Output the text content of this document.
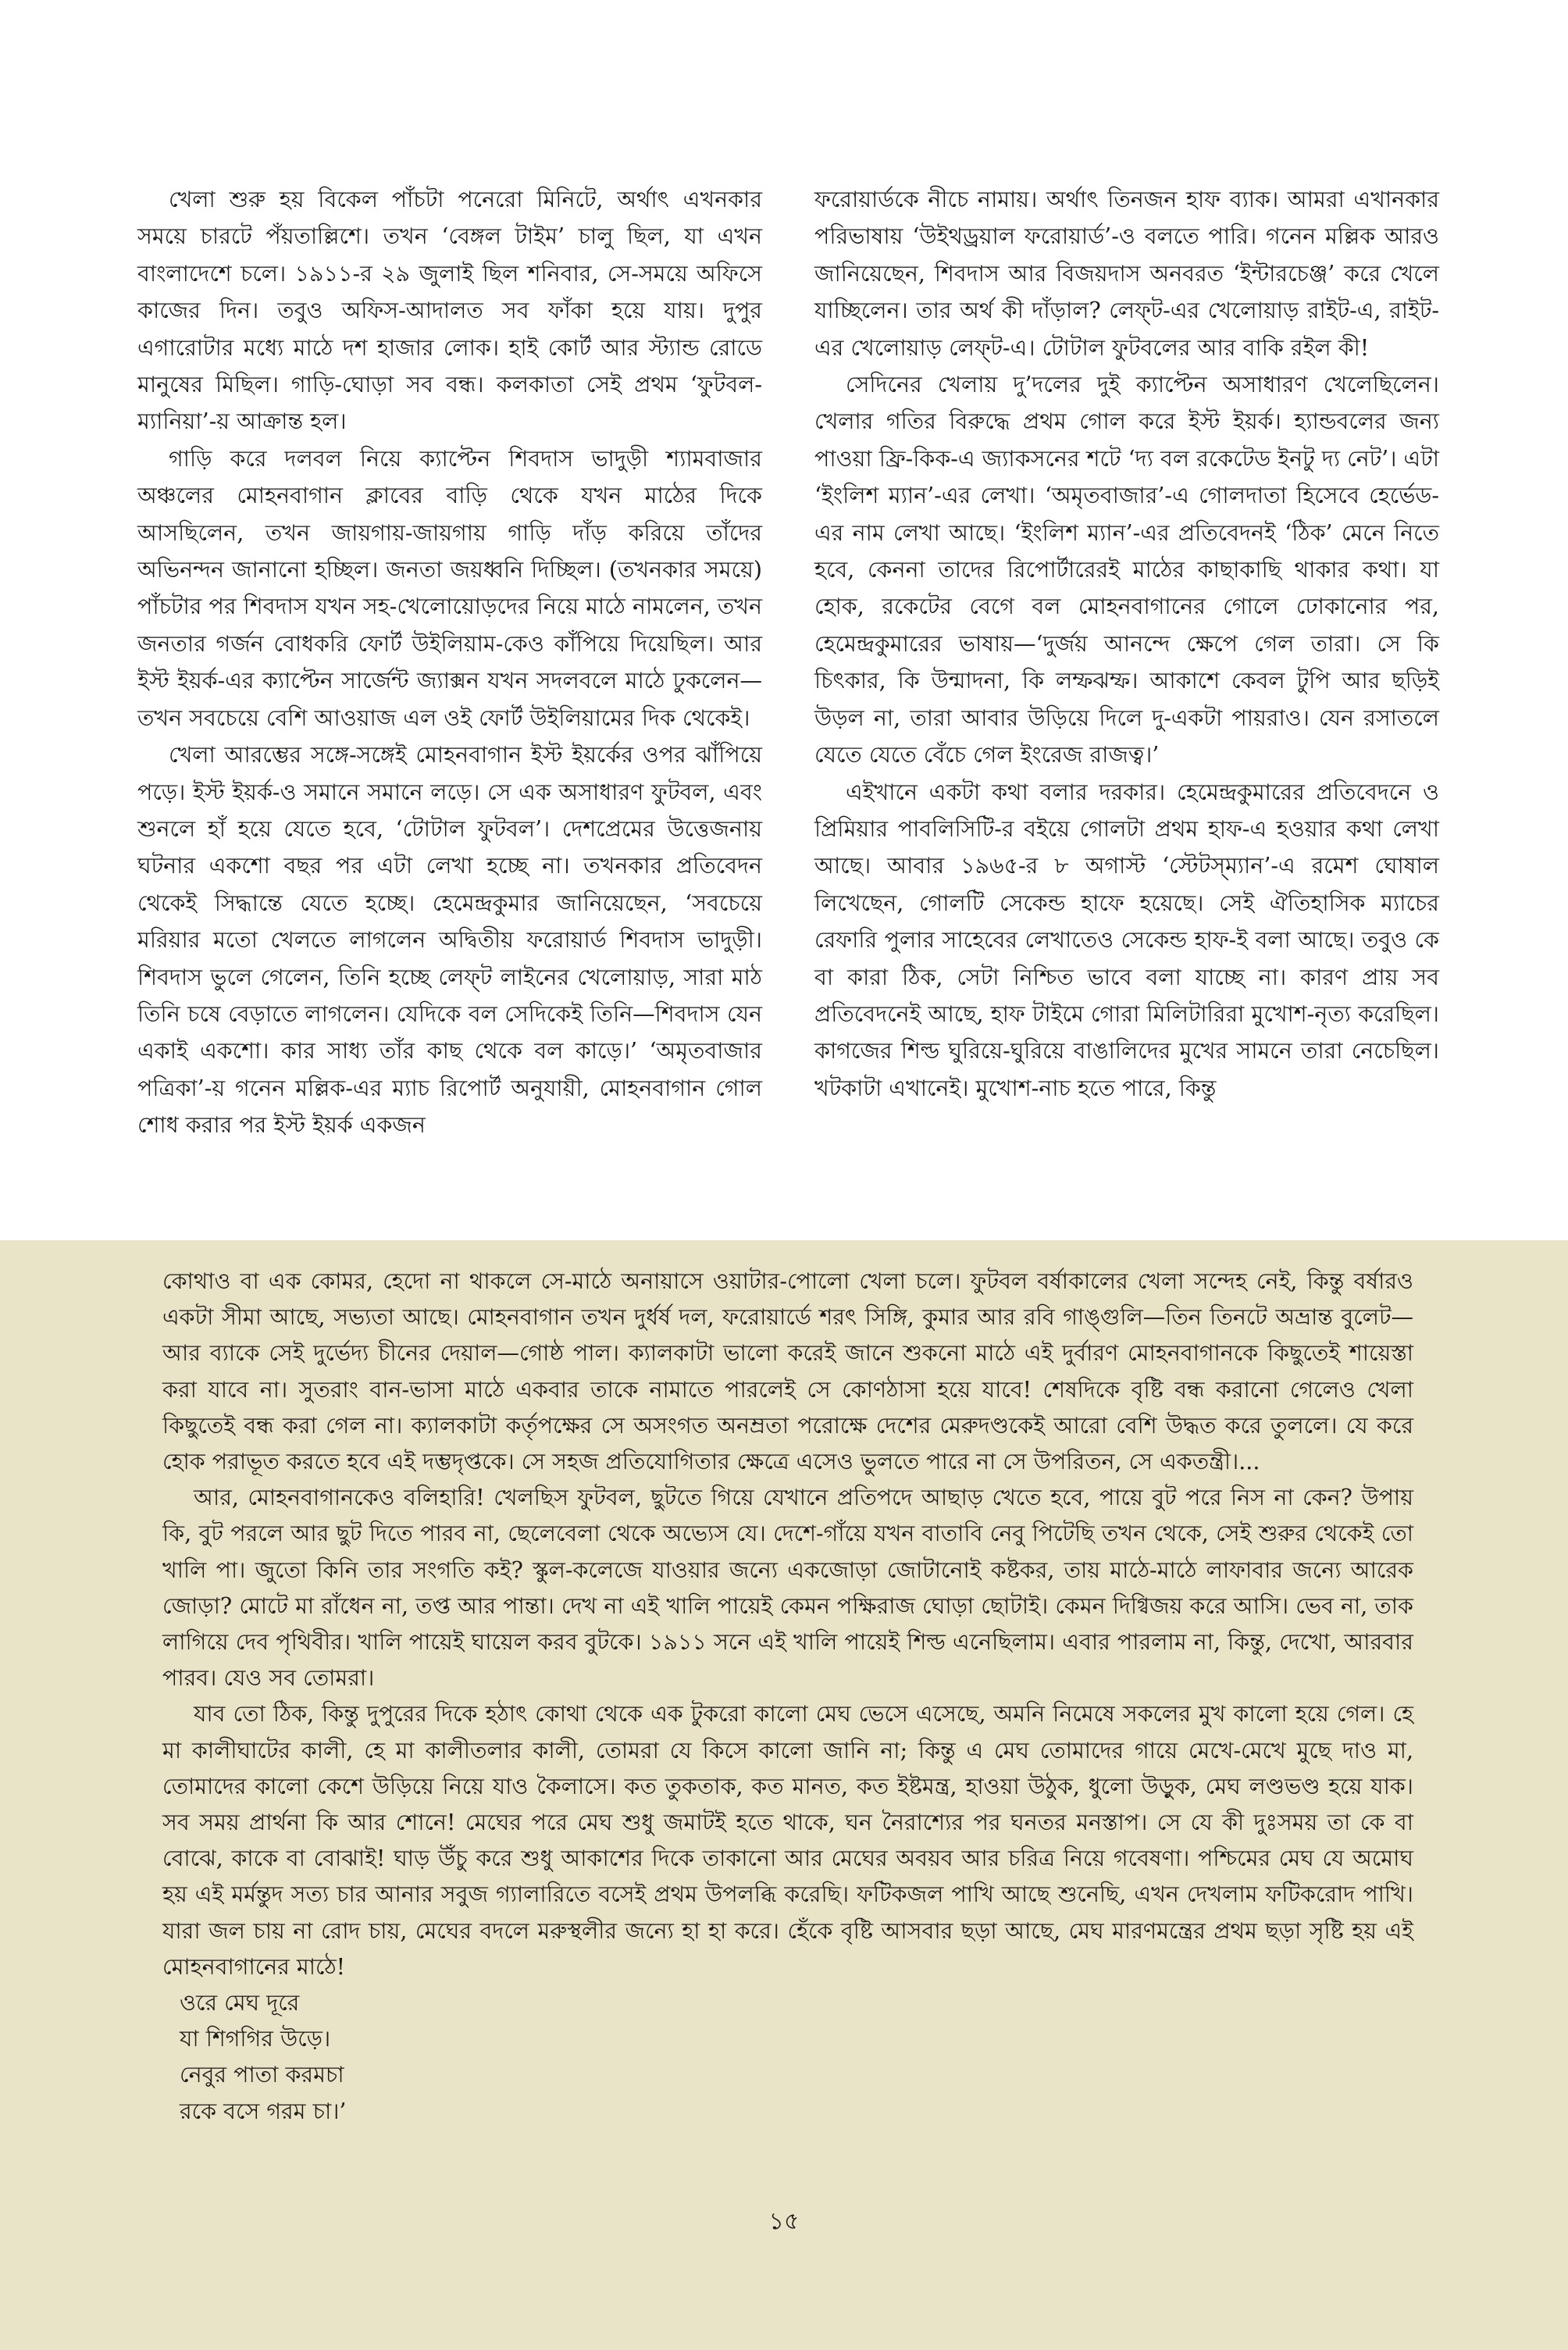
খেলা শুরু হয় বিকেল পাঁচটা পনেরো মিনিটে, অর্থাৎ এখনকার সময়ে চারটে পঁয়তাল্লিশে। তখন ‘বেঙ্গল টাইম’ চালু ছিল, যা এখন বাংলাদেশে চলে। ১৯১১-র ২৯ জুলাই ছিল শনিবার, সে-সময়ে অফিসে কাজের দিন। তবুও অফিস-আদালত সব ফাঁকা হয়ে যায়। দুপুর এগারোটার মধ্যে মাঠে দশ হাজার লোক। হাই কোর্ট আর স্ট্যান্ড রোডে মানুষের মিছিল। গাড়ি-ঘোড়া সব বন্ধ। কলকাতা সেই প্রথম ‘ফুটবল-ম্যানিয়া’-য় আক্রান্ত হল।

গাড়ি করে দলবল নিয়ে ক্যাপ্টেন শিবদাস ভাদুড়ী শ্যামবাজার অঞ্চলের মোহনবাগান ক্লাবের বাড়ি থেকে যখন মাঠের দিকে আসছিলেন, তখন জায়গায়-জায়গায় গাড়ি দাঁড় করিয়ে তাঁদের অভিনন্দন জানানো হচ্ছিল। জনতা জয়ধ্বনি দিচ্ছিল। (তখনকার সময়ে) পাঁচটার পর শিবদাস যখন সহ-খেলোয়োড়দের নিয়ে মাঠে নামলেন, তখন জনতার গর্জন বোধকরি ফোর্ট উইলিয়াম-কেও কাঁপিয়ে দিয়েছিল। আর ইস্ট ইয়র্ক-এর ক্যাপ্টেন সার্জেন্ট জ্যাক্সন যখন সদলবলে মাঠে ঢুকলেন—তখন সবচেয়ে বেশি আওয়াজ এল ওই ফোর্ট উইলিয়ামের দিক থেকেই।

খেলা আরম্ভের সঙ্গে-সঙ্গেই মোহনবাগান ইস্ট ইয়র্কের ওপর ঝাঁপিয়ে পড়ে। ইস্ট ইয়র্ক-ও সমানে সমানে লড়ে। সে এক অসাধারণ ফুটবল, এবং শুনলে হাঁ হয়ে যেতে হবে, ‘টোটাল ফুটবল’। দেশপ্রেমের উত্তেজনায় ঘটনার একশো বছর পর এটা লেখা হচ্ছে না। তখনকার প্রতিবেদন থেকেই সিদ্ধান্তে যেতে হচ্ছে। হেমেন্দ্রকুমার জানিয়েছেন, ‘সবচেয়ে মরিয়ার মতো খেলতে লাগলেন অদ্বিতীয় ফরোয়ার্ড শিবদাস ভাদুড়ী। শিবদাস ভুলে গেলেন, তিনি হচ্ছে লেফ্‌ট লাইনের খেলোয়াড়, সারা মাঠ তিনি চষে বেড়াতে লাগলেন। যেদিকে বল সেদিকেই তিনি—শিবদাস যেন একাই একশো। কার সাধ্য তাঁর কাছ থেকে বল কাড়ে।’ ‘অমৃতবাজার পত্রিকা’-য় গনেন মল্লিক-এর ম্যাচ রিপোর্ট অনুযায়ী, মোহনবাগান গোল শোধ করার পর ইস্ট ইয়র্ক একজন

ফরোয়ার্ডকে নীচে নামায়। অর্থাৎ তিনজন হাফ ব্যাক। আমরা এখানকার পরিভাষায় ‘উইথড্রয়াল ফরোয়ার্ড’-ও বলতে পারি। গনেন মল্লিক আরও জানিয়েছেন, শিবদাস আর বিজয়দাস অনবরত ‘ইন্টারচেঞ্জ’ করে খেলে যাচ্ছিলেন। তার অর্থ কী দাঁড়াল? লেফ্‌ট-এর খেলোয়াড় রাইট-এ, রাইট-এর খেলোয়াড় লেফ্‌ট-এ। টোটাল ফুটবলের আর বাকি রইল কী!

সেদিনের খেলায় দু’দলের দুই ক্যাপ্টেন অসাধারণ খেলেছিলেন। খেলার গতির বিরুদ্ধে প্রথম গোল করে ইস্ট ইয়র্ক। হ্যান্ডবলের জন্য পাওয়া ফ্রি-কিক-এ জ্যাকসনের শটে ‘দ্য বল রকেটেড ইনটু দ্য নেট’। এটা ‘ইংলিশ ম্যান’-এর লেখা। ‘অমৃতবাজার’-এ গোলদাতা হিসেবে হের্ভেড-এর নাম লেখা আছে। ‘ইংলিশ ম্যান’-এর প্রতিবেদনই ‘ঠিক’ মেনে নিতে হবে, কেননা তাদের রিপোর্টারেরই মাঠের কাছাকাছি থাকার কথা। যা হোক, রকেটের বেগে বল মোহনবাগানের গোলে ঢোকানোর পর, হেমেন্দ্রকুমারের ভাষায়—‘দুর্জয় আনন্দে ক্ষেপে গেল তারা। সে কি চিৎকার, কি উন্মাদনা, কি লম্ফঝম্ফ। আকাশে কেবল টুপি আর ছড়িই উড়ল না, তারা আবার উড়িয়ে দিলে দু-একটা পায়রাও। যেন রসাতলে যেতে যেতে বেঁচে গেল ইংরেজ রাজত্ব।’

এইখানে একটা কথা বলার দরকার। হেমেন্দ্রকুমারের প্রতিবেদনে ও প্রিমিয়ার পাবলিসিটি-র বইয়ে গোলটা প্রথম হাফ-এ হওয়ার কথা লেখা আছে। আবার ১৯৬৫-র ৮ অগাস্ট ‘স্টেটস্‌ম্যান’-এ রমেশ ঘোষাল লিখেছেন, গোলটি সেকেন্ড হাফে হয়েছে। সেই ঐতিহাসিক ম্যাচের রেফারি পুলার সাহেবের লেখাতেও সেকেন্ড হাফ-ই বলা আছে। তবুও কে বা কারা ঠিক, সেটা নিশ্চিত ভাবে বলা যাচ্ছে না। কারণ প্রায় সব প্রতিবেদনেই আছে, হাফ টাইমে গোরা মিলিটারিরা মুখোশ-নৃত্য করেছিল। কাগজের শিল্ড ঘুরিয়ে-ঘুরিয়ে বাঙালিদের মুখের সামনে তারা নেচেছিল। খটকাটা এখানেই। মুখোশ-নাচ হতে পারে, কিন্তু

কোথাও বা এক কোমর, হেদো না থাকলে সে-মাঠে অনায়াসে ওয়াটার-পোলো খেলা চলে। ফুটবল বর্ষাকালের খেলা সন্দেহ নেই, কিন্তু বর্ষারও একটা সীমা আছে, সভ্যতা আছে। মোহনবাগান তখন দুর্ধর্ষ দল, ফরোয়ার্ডে শরৎ সিঙ্গি, কুমার আর রবি গাঙ্গুলি—তিন তিনটে অভ্রান্ত বুলেট—আর ব্যাকে সেই দুর্ভেদ্য চীনের দেয়াল—গোষ্ঠ পাল। ক্যালকাটা ভালো করেই জানে শুকনো মাঠে এই দুর্বারণ মোহনবাগানকে কিছুতেই শায়েস্তা করা যাবে না। সুতরাং বান-ভাসা মাঠে একবার তাকে নামাতে পারলেই সে কোণঠাসা হয়ে যাবে! শেষদিকে বৃষ্টি বন্ধ করানো গেলেও খেলা কিছুতেই বন্ধ করা গেল না। ক্যালকাটা কর্তৃপক্ষের সে অসংগত অনম্রতা পরোক্ষে দেশের মেরুদণ্ডকেই আরো বেশি উদ্ধত করে তুললে। যে করে হোক পরাভূত করতে হবে এই দম্ভদৃপ্তকে। সে সহজ প্রতিযোগিতার ক্ষেত্রে এসেও ভুলতে পারে না সে উপরিতন, সে একতন্ত্রী।...

আর, মোহনবাগানকেও বলিহারি! খেলছিস ফুটবল, ছুটতে গিয়ে যেখানে প্রতিপদে আছাড় খেতে হবে, পায়ে বুট পরে নিস না কেন? উপায় কি, বুট পরলে আর ছুট দিতে পারব না, ছেলেবেলা থেকে অভ্যেস যে। দেশে-গাঁয়ে যখন বাতাবি নেবু পিটেছি তখন থেকে, সেই শুরুর থেকেই তো খালি পা। জুতো কিনি তার সংগতি কই? স্কুল-কলেজে যাওয়ার জন্যে একজোড়া জোটানোই কষ্টকর, তায় মাঠে-মাঠে লাফাবার জন্যে আরেক জোড়া? মোটে মা রাঁধেন না, তপ্ত আর পান্তা। দেখ না এই খালি পায়েই কেমন পক্ষিরাজ ঘোড়া ছোটাই। কেমন দিগ্বিজয় করে আসি। ভেব না, তাক লাগিয়ে দেব পৃথিবীর। খালি পায়েই ঘায়েল করব বুটকে। ১৯১১ সনে এই খালি পায়েই শিল্ড এনেছিলাম। এবার পারলাম না, কিন্তু, দেখো, আরবার পারব। যেও সব তোমরা।

যাব তো ঠিক, কিন্তু দুপুরের দিকে হঠাৎ কোথা থেকে এক টুকরো কালো মেঘ ভেসে এসেছে, অমনি নিমেষে সকলের মুখ কালো হয়ে গেল। হে মা কালীঘাটের কালী, হে মা কালীতলার কালী, তোমরা যে কিসে কালো জানি না; কিন্তু এ মেঘ তোমাদের গায়ে মেখে-মেখে মুছে দাও মা, তোমাদের কালো কেশে উড়িয়ে নিয়ে যাও কৈলাসে। কত তুকতাক, কত মানত, কত ইষ্টমন্ত্র, হাওয়া উঠুক, ধুলো উড়ুক, মেঘ লণ্ডভণ্ড হয়ে যাক। সব সময় প্রার্থনা কি আর শোনে! মেঘের পরে মেঘ শুধু জমাটই হতে থাকে, ঘন নৈরাশ্যের পর ঘনতর মনস্তাপ। সে যে কী দুঃসময় তা কে বা বোঝে, কাকে বা বোঝাই! ঘাড় উঁচু করে শুধু আকাশের দিকে তাকানো আর মেঘের অবয়ব আর চরিত্র নিয়ে গবেষণা। পশ্চিমের মেঘ যে অমোঘ হয় এই মর্মন্তুদ সত্য চার আনার সবুজ গ্যালারিতে বসেই প্রথম উপলব্ধি করেছি। ফটিকজল পাখি আছে শুনেছি, এখন দেখলাম ফটিকরোদ পাখি। যারা জল চায় না রোদ চায়, মেঘের বদলে মরুস্থলীর জন্যে হা হা করে। হেঁকে বৃষ্টি আসবার ছড়া আছে, মেঘ মারণমন্ত্রের প্রথম ছড়া সৃষ্টি হয় এই মোহনবাগানের মাঠে!

ওরে মেঘ দূরে
যা শিগগির উড়ে।
নেবুর পাতা করমচা
রকে বসে গরম চা।’
১৫
